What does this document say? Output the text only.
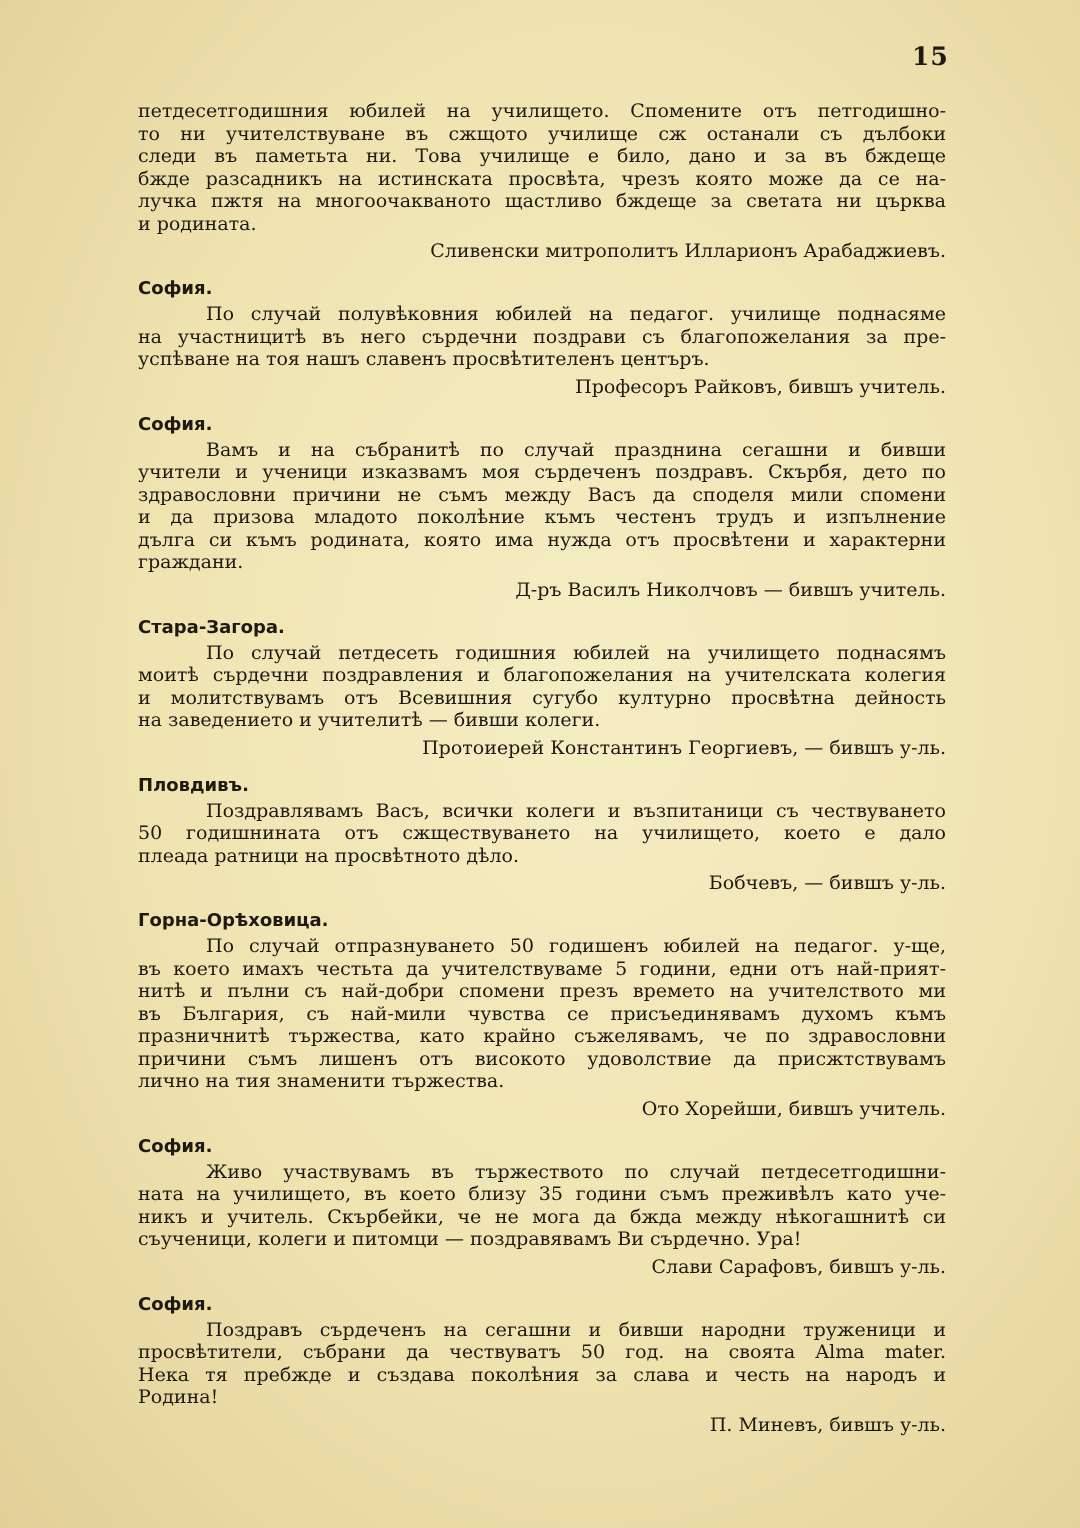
15
петдесетгодишния юбилей на училището. Спомените отъ петгодишно-
то ни учителствуване въ сжщото училище сж останали съ дълбоки
следи въ паметьта ни. Това училище е било, дано и за въ бждеще
бжде разсадникъ на истинската просвѣта, чрезъ която може да се на-
лучка пжтя на многоочакваното щастливо бждеще за светата ни църква
и родината.
Сливенски митрополитъ Илларионъ Арабаджиевъ.
София.
По случай полувѣковния юбилей на педагог. училище поднасяме
на участницитѣ въ него сърдечни поздрави съ благопожелания за пре-
успѣване на тоя нашъ славенъ просвѣтителенъ центъръ.
Професоръ Райковъ, бившъ учитель.
София.
Вамъ и на събранитѣ по случай празднина сегашни и бивши
учители и ученици изказвамъ моя сърдеченъ поздравъ. Скърбя, дето по
здравословни причини не съмъ между Васъ да споделя мили спомени
и да призова младото поколѣние къмъ честенъ трудъ и изпълнение
дълга си къмъ родината, която има нужда отъ просвѣтени и характерни
граждани.
Д-ръ Василъ Николчовъ — бившъ учитель.
Стара-Загора.
По случай петдесеть годишния юбилей на училището поднасямъ
моитѣ сърдечни поздравления и благопожелания на учителската колегия
и молитствувамъ отъ Всевишния сугубо културно просвѣтна дейность
на заведението и учителитѣ — бивши колеги.
Протоиерей Константинъ Георгиевъ, — бившъ у-ль.
Пловдивъ.
Поздравлявамъ Васъ, всички колеги и възпитаници съ чествуването
50 годишнината отъ сжществуването на училището, което е дало
плеада ратници на просвѣтното дѣло.
Бобчевъ, — бившъ у-ль.
Горна-Орѣховица.
По случай отпразнуването 50 годишенъ юбилей на педагог. у-ще,
въ което имахъ честьта да учителствуваме 5 години, едни отъ най-прият-
нитѣ и пълни съ най-добри спомени презъ времето на учителството ми
въ България, съ най-мили чувства се присъединявамъ духомъ къмъ
празничнитѣ тържества, като крайно съжелявамъ, че по здравословни
причини съмъ лишенъ отъ високото удоволствие да присжтствувамъ
лично на тия знаменити тържества.
Ото Хорейши, бившъ учитель.
София.
Живо участвувамъ въ тържеството по случай петдесетгодишни-
ната на училището, въ което близу 35 години съмъ преживѣлъ като уче-
никъ и учитель. Скърбейки, че не мога да бжда между нѣкогашнитѣ си
съученици, колеги и питомци — поздравявамъ Ви сърдечно. Ура!
Слави Сарафовъ, бившъ у-ль.
София.
Поздравъ сърдеченъ на сегашни и бивши народни труженици и
просвѣтители, събрани да чествуватъ 50 год. на своята Alma mater.
Нека тя пребжде и създава поколѣния за слава и честь на народъ и
Родина!
П. Миневъ, бившъ у-ль.
